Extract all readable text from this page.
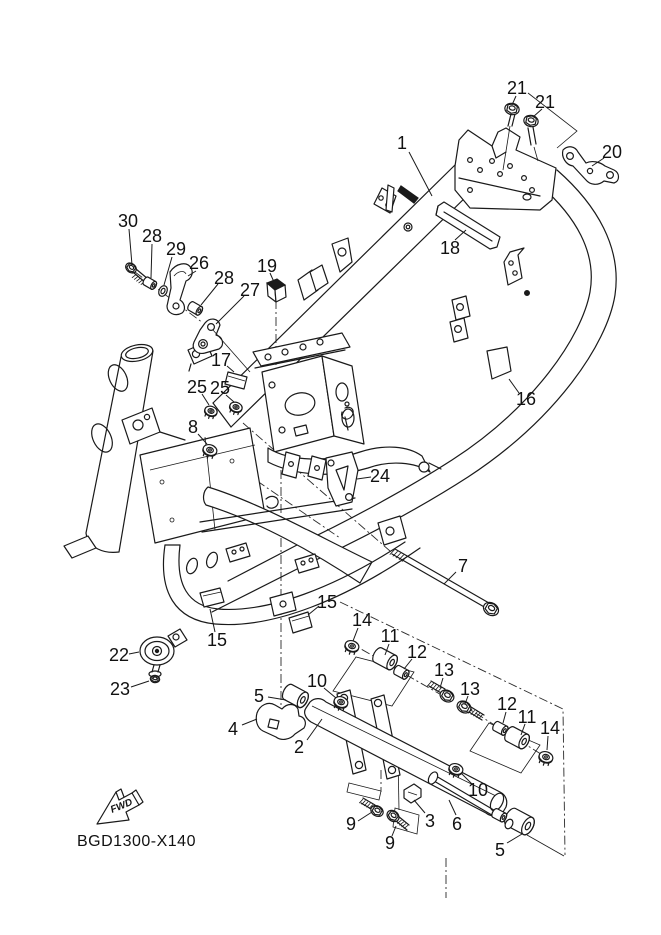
FWD
BGD1300-X140
1
2
3
4
5
5
6
7
8
9
9
10
10
11
11
12
12
13
13
14
14
15
15
16
17
18
19
20
21
21
22
23
24
25 25
26
27
28
28
29
30
